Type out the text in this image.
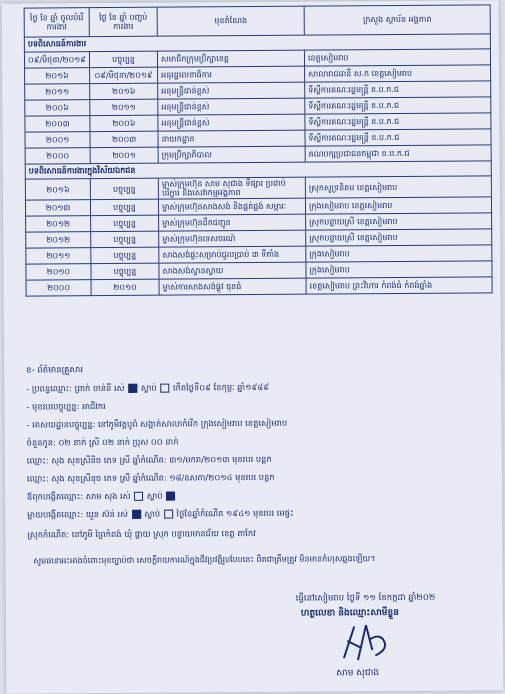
ថ្ងៃ ខែ ឆ្នាំ ចូលបំរើការងារ	ថ្ងៃ ខែ ឆ្នាំ បញ្ចប់ការងារ	មុខតំណែង	ក្រសួង ស្ថាប័ន អង្គភាព
បទពិសោធន៍ការងារ			
០៩/មិថុនា/២០១៩	បច្ចុប្បន្ន	សមាជិកក្រុមប្រឹក្សាខេត្ត	ខេត្តសៀមរាប
២០១៦	០៩/មិថុនា/២០១៩	អនុរដ្ឋលេខាធិការ	សាលារាជធានី ស.ក ខេត្តសៀមរាប
២០១១	២០១៦	អនុមន្ត្រីជាន់ខ្ពស់	ទីស្តីការគណៈរដ្ឋមន្ត្រី ខ.ប.ក.ជ
២០០៦	២០១១	អនុមន្ត្រីជាន់ខ្ពស់	ទីស្តីការគណៈរដ្ឋមន្ត្រី ខ.ប.ក.ជ
២០០៣	២០០៦	អនុមន្ត្រីជាន់ខ្ពស់	ទីស្តីការគណៈរដ្ឋមន្ត្រី ខ.ប.ក.ជ
២០០១	២០០៣	នាយកដ្ឋាន	ទីស្តីការគណៈរដ្ឋមន្ត្រី ខ.ប.ក.ជ
២០០០	២០០១	ក្រុមប្រឹក្សាភិបាល	គណបក្សប្រជាជនកម្ពុជា ខ.ប.ក.ជ
បទពិសោធន៍ការងារក្នុងវិស័យឯកជន			
២០១៦	បច្ចុប្បន្ន	ម្ចាស់ក្រុមហ៊ុន សាម សុជាង ទីផ្សារ ប្រដាប់បរិក្ខារ និងសេវាកម្មអង្គភាព	ស្រុកសូទ្រនិគម ខេត្តសៀមរាប
២០១៣	បច្ចុប្បន្ន	ម្ចាស់ក្រុមហ៊ុនសាងសង់ និងផ្គត់ផ្គង់ សម្ភារៈ	ក្រុងសៀមរាប ខេត្តសៀមរាប
២០១២	បច្ចុប្បន្ន	ម្ចាស់ក្រុមហ៊ុនដឹកជញ្ជូន	ស្រុកបន្ទាយស្រី ខេត្តសៀមរាប
២០១២	បច្ចុប្បន្ន	ម្ចាស់ក្រុមហ៊ុនទេសចរណ៍	ស្រុកបន្ទាយស្រី ខេត្តសៀមរាប
២០១១	បច្ចុប្បន្ន	សាងសង់ផ្ទះសម្រាប់ជួលប្រាប់ ៣ ទីតាំង	ក្រុងសៀមរាប
២០១០	បច្ចុប្បន្ន	សាងសង់ស្ពានស្វាយ	ក្រុងសៀមរាប
២០០០	២០១០	ម្ចាស់ការសាងសង់ផ្លូវ ធុនធំ	ខេត្តសៀមរាប ព្រះវិហារ កំពង់ធំ កំពង់ឆ្នាំង
ខ- ព័ត៌មានគ្រួសារ
- ប្រពន្ធឈ្មោះ: ព្រាក់ ចាន់នី រស់ ស្លាប់ កើតថ្ងៃទី០៩ ខែកុម្ភៈ ឆ្នាំ១៩៨៩
- មុខរបរបច្ចុប្បន្ន: អាជីវករ
- អាសយដ្ឋានបច្ចុប្បន្ន: នៅភូមិវត្តបូព៌ សង្កាត់សាលាកំរើក ក្រុងសៀមរាប ខេត្តសៀមរាប
ចំនួនកូន: ០២ នាក់ ស្រី ០២ នាក់ ប្រុស ០០ នាក់
ឈ្មោះ: សុង សុខស្រីនិច ភេទ ស្រី ឆ្នាំកំណើត: ៣១/មករា/២០១៣ មុខរបរ បន្តក
ឈ្មោះ: សុង សុខស្រីនុច ភេទ ស្រី ឆ្នាំកំណើត: ១៨/ឧសភា/២០១៤ មុខរបរ បន្តក
ឪពុកបង្កើតឈ្មោះ: សាម សុង រស់ ស្លាប់
ម្តាយបង្កើតឈ្មោះ: យួន ស៊ន់ រស់ ស្លាប់ ថ្ងៃខែឆ្នាំកំណើត ១៩៤១ មុខរបរ មេផ្ទះ
ស្រុកកំណើត: នៅភូមិ ព្រៃកំពង់ ឃុំ ផ្ទាយ ស្រុក បន្ទាយមានជ័យ ខេត្ត តាកែវ
សូមធានាអះអាងចំពោះមុខច្បាប់ថា សេចក្តីរាយការណ៍ក្នុងជីវប្រវត្តិរូបបែបនេះ ពិតជាត្រឹមត្រូវ មិនមានកំហុសឆ្គងឡើយ។
ធ្វើនៅសៀមរាប ថ្ងៃទី ១១ ខែកក្កដា ឆ្នាំ២០២
ហត្ថលេខា និងឈ្មោះសាមីខ្លួន
សាម សុជាង
